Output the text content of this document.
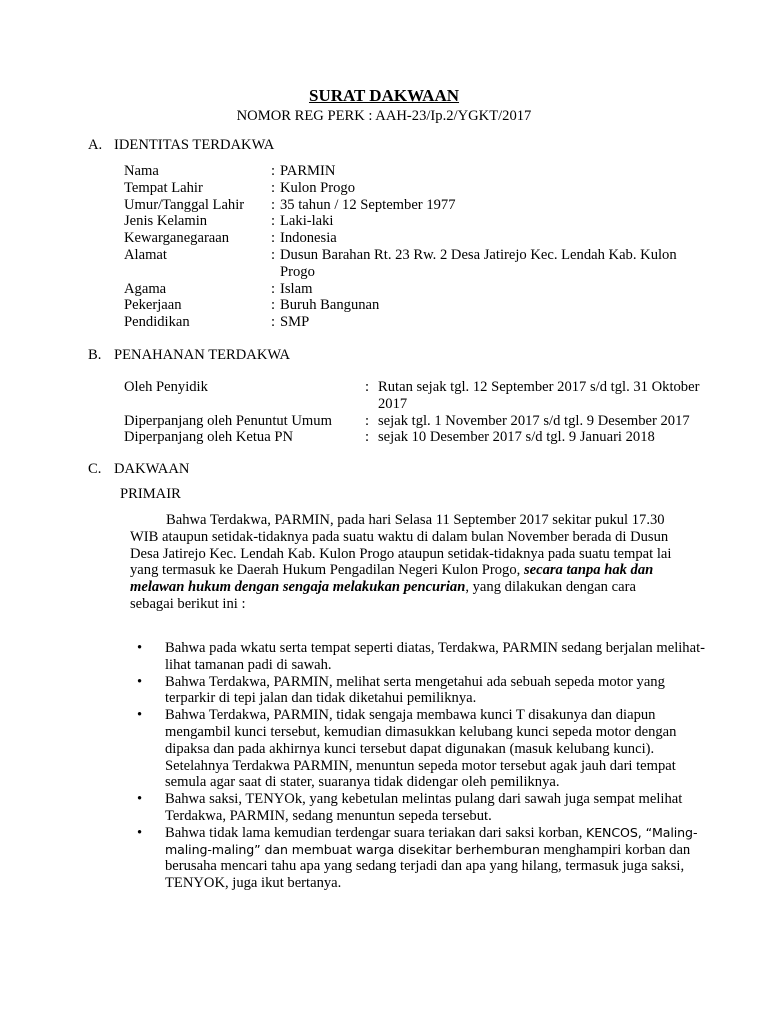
SURAT DAKWAAN
NOMOR REG PERK : AAH-23/Ip.2/YGKT/2017
A. IDENTITAS TERDAKWA
Nama	: PARMIN
Tempat Lahir	: Kulon Progo
Umur/Tanggal Lahir	: 35 tahun / 12 September 1977
Jenis Kelamin	: Laki-laki
Kewarganegaraan	: Indonesia
Alamat	: Dusun Barahan Rt. 23 Rw. 2 Desa Jatirejo Kec. Lendah Kab. Kulon Progo
Agama	: Islam
Pekerjaan	: Buruh Bangunan
Pendidikan	: SMP
B. PENAHANAN TERDAKWA
Oleh Penyidik	: Rutan sejak tgl. 12 September 2017 s/d tgl. 31 Oktober 2017
Diperpanjang oleh Penuntut Umum	: sejak tgl. 1 November 2017 s/d tgl. 9 Desember 2017
Diperpanjang oleh Ketua PN	: sejak 10 Desember 2017 s/d tgl. 9 Januari 2018
C. DAKWAAN
PRIMAIR

Bahwa Terdakwa, PARMIN, pada hari Selasa 11 September 2017 sekitar pukul 17.30 WIB ataupun setidak-tidaknya pada suatu waktu di dalam bulan November berada di Dusun Desa Jatirejo Kec. Lendah Kab. Kulon Progo ataupun setidak-tidaknya pada suatu tempat lai yang termasuk ke Daerah Hukum Pengadilan Negeri Kulon Progo, secara tanpa hak dan melawan hukum dengan sengaja melakukan pencurian, yang dilakukan dengan cara sebagai berikut ini :

• Bahwa pada wkatu serta tempat seperti diatas, Terdakwa, PARMIN sedang berjalan melihat-lihat tamanan padi di sawah.
• Bahwa Terdakwa, PARMIN, melihat serta mengetahui ada sebuah sepeda motor yang terparkir di tepi jalan dan tidak diketahui pemiliknya.
• Bahwa Terdakwa, PARMIN, tidak sengaja membawa kunci T disakunya dan diapun mengambil kunci tersebut, kemudian dimasukkan kelubang kunci sepeda motor dengan dipaksa dan pada akhirnya kunci tersebut dapat digunakan (masuk kelubang kunci). Setelahnya Terdakwa PARMIN, menuntun sepeda motor tersebut agak jauh dari tempat semula agar saat di stater, suaranya tidak didengar oleh pemiliknya.
• Bahwa saksi, TENYOk, yang kebetulan melintas pulang dari sawah juga sempat melihat Terdakwa, PARMIN, sedang menuntun sepeda tersebut.
• Bahwa tidak lama kemudian terdengar suara teriakan dari saksi korban, KENCOS, “Maling-maling-maling” dan membuat warga disekitar berhemburan menghampiri korban dan berusaha mencari tahu apa yang sedang terjadi dan apa yang hilang, termasuk juga saksi, TENYOK, juga ikut bertanya.
